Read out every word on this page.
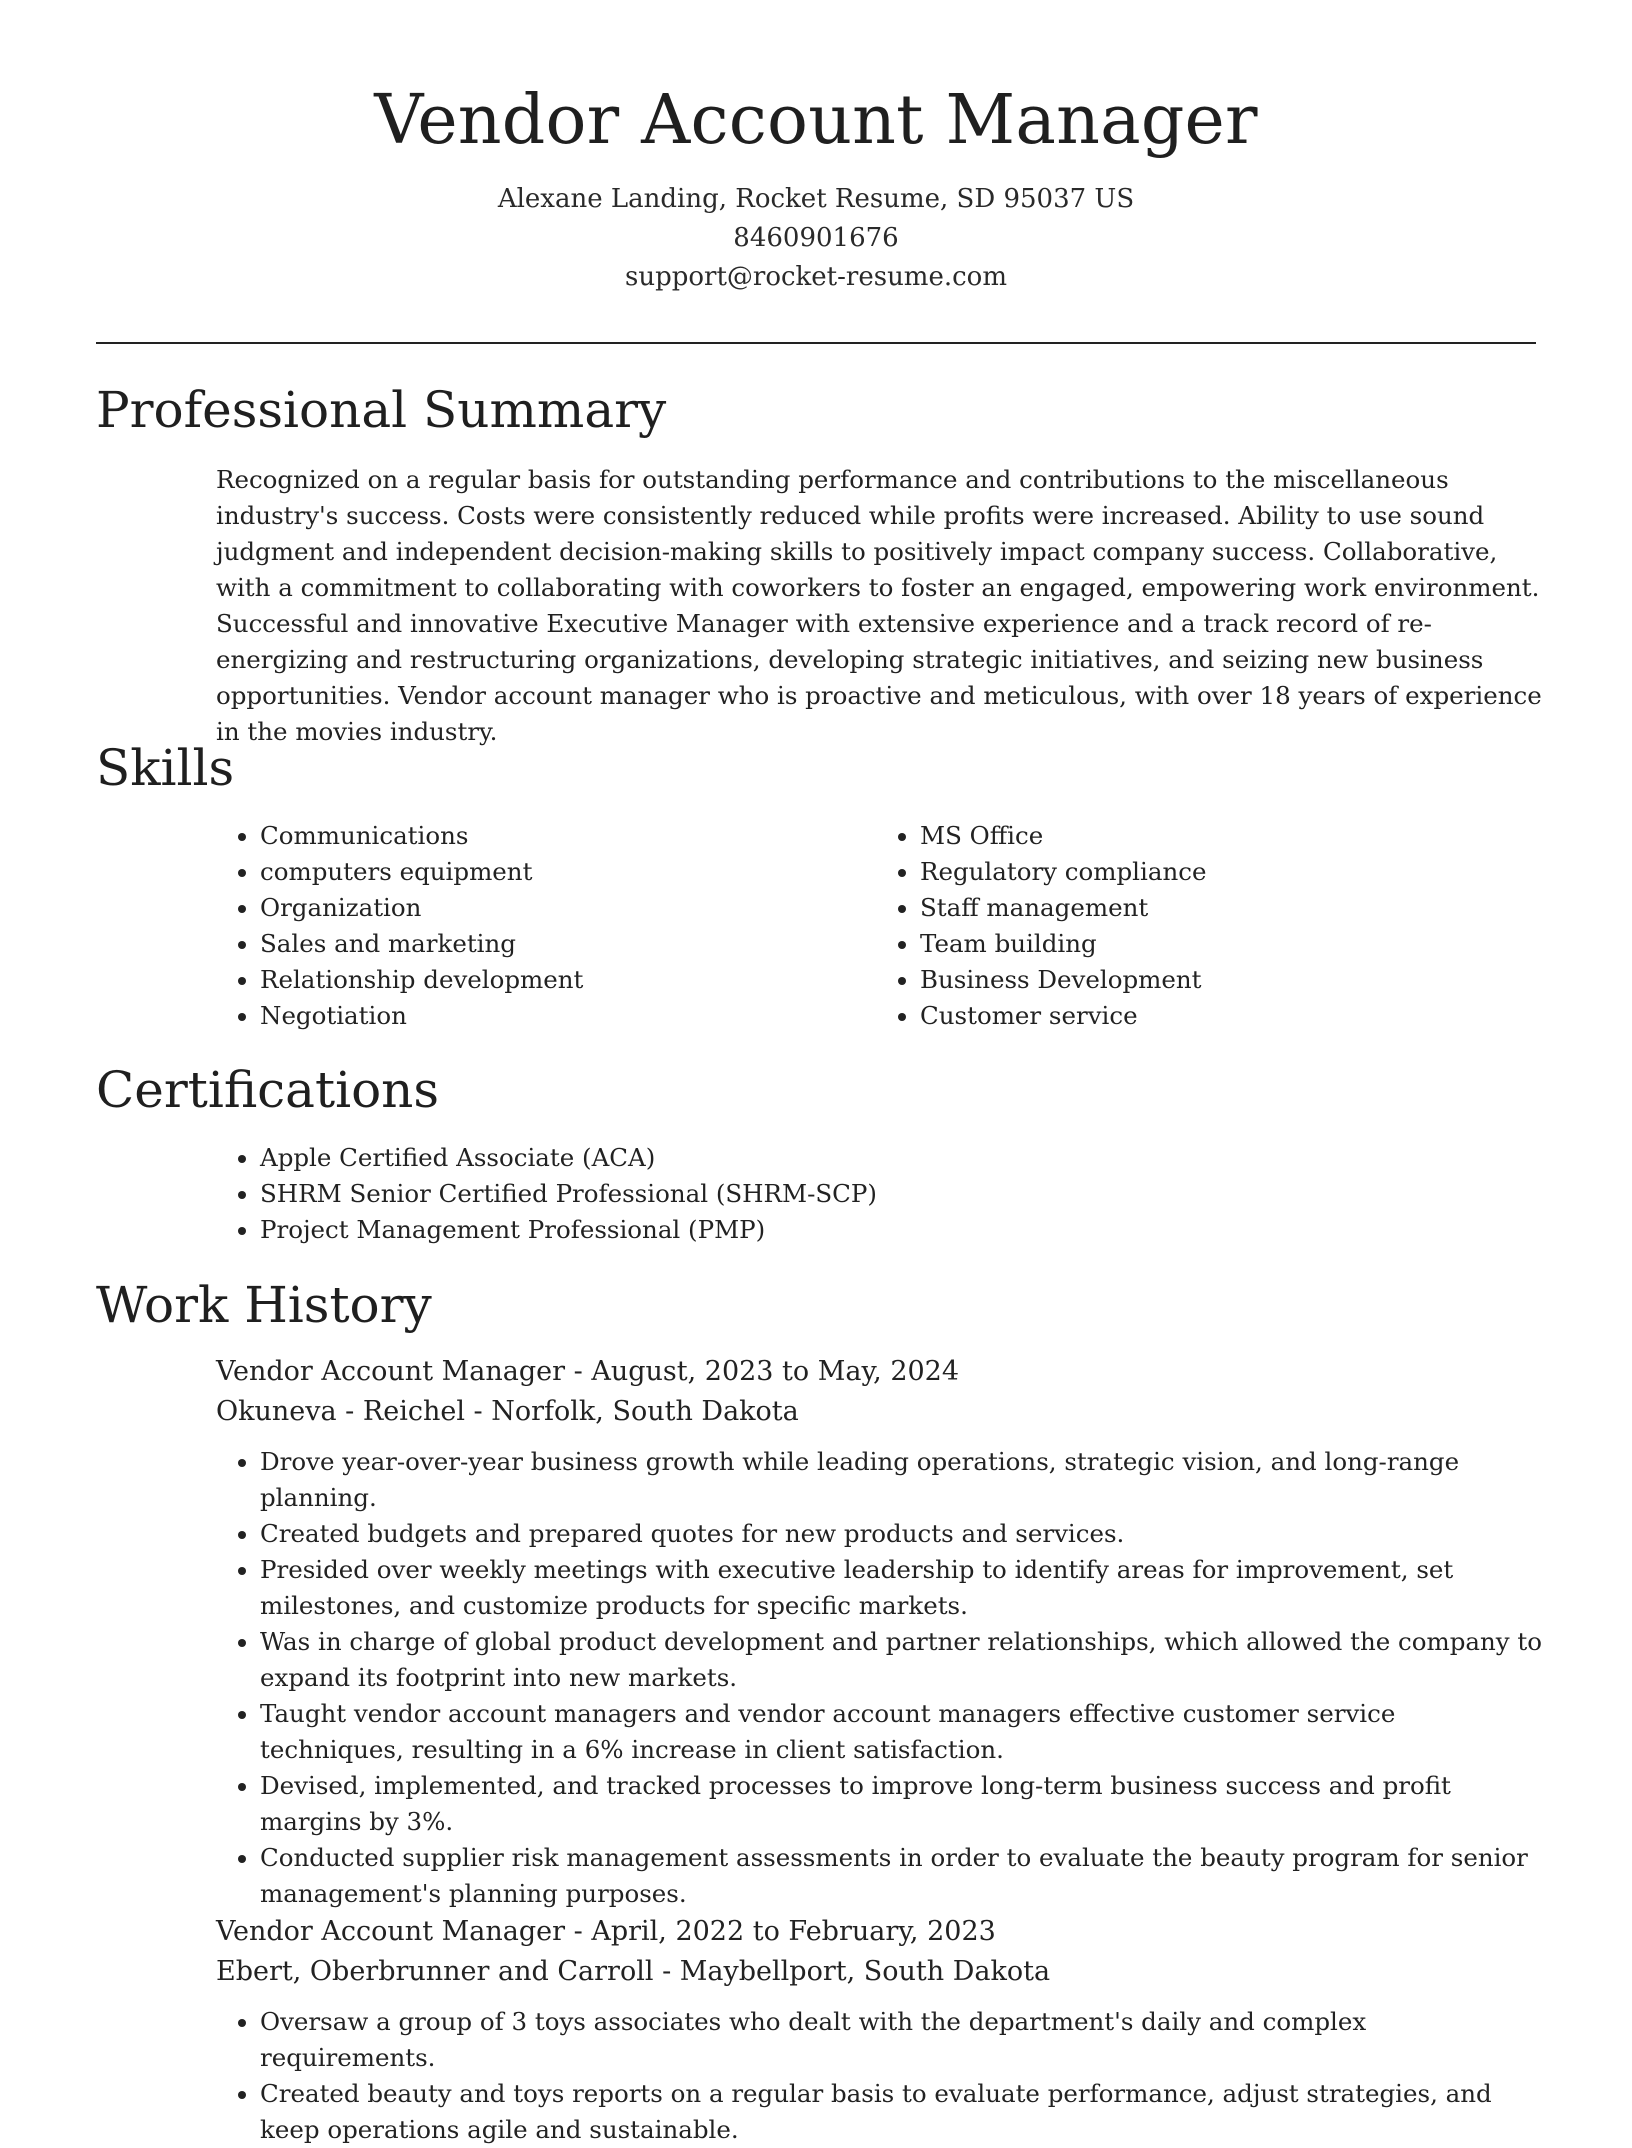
Vendor Account Manager
Alexane Landing, Rocket Resume, SD 95037 US
8460901676
support@rocket-resume.com
Professional Summary

Recognized on a regular basis for outstanding performance and contributions to the miscellaneous industry's success. Costs were consistently reduced while profits were increased. Ability to use sound judgment and independent decision-making skills to positively impact company success. Collaborative, with a commitment to collaborating with coworkers to foster an engaged, empowering work environment. Successful and innovative Executive Manager with extensive experience and a track record of re-energizing and restructuring organizations, developing strategic initiatives, and seizing new business opportunities. Vendor account manager who is proactive and meticulous, with over 18 years of experience in the movies industry.

Skills
• Communications
• computers equipment
• Organization
• Sales and marketing
• Relationship development
• Negotiation
• MS Office
• Regulatory compliance
• Staff management
• Team building
• Business Development
• Customer service
Certifications
• Apple Certified Associate (ACA)
• SHRM Senior Certified Professional (SHRM-SCP)
• Project Management Professional (PMP)
Work History
Vendor Account Manager - August, 2023 to May, 2024
Okuneva - Reichel - Norfolk, South Dakota
• Drove year-over-year business growth while leading operations, strategic vision, and long-range planning.
• Created budgets and prepared quotes for new products and services.
• Presided over weekly meetings with executive leadership to identify areas for improvement, set milestones, and customize products for specific markets.
• Was in charge of global product development and partner relationships, which allowed the company to expand its footprint into new markets.
• Taught vendor account managers and vendor account managers effective customer service techniques, resulting in a 6% increase in client satisfaction.
• Devised, implemented, and tracked processes to improve long-term business success and profit margins by 3%.
• Conducted supplier risk management assessments in order to evaluate the beauty program for senior management's planning purposes.
Vendor Account Manager - April, 2022 to February, 2023
Ebert, Oberbrunner and Carroll - Maybellport, South Dakota
• Oversaw a group of 3 toys associates who dealt with the department's daily and complex requirements.
• Created beauty and toys reports on a regular basis to evaluate performance, adjust strategies, and keep operations agile and sustainable.
